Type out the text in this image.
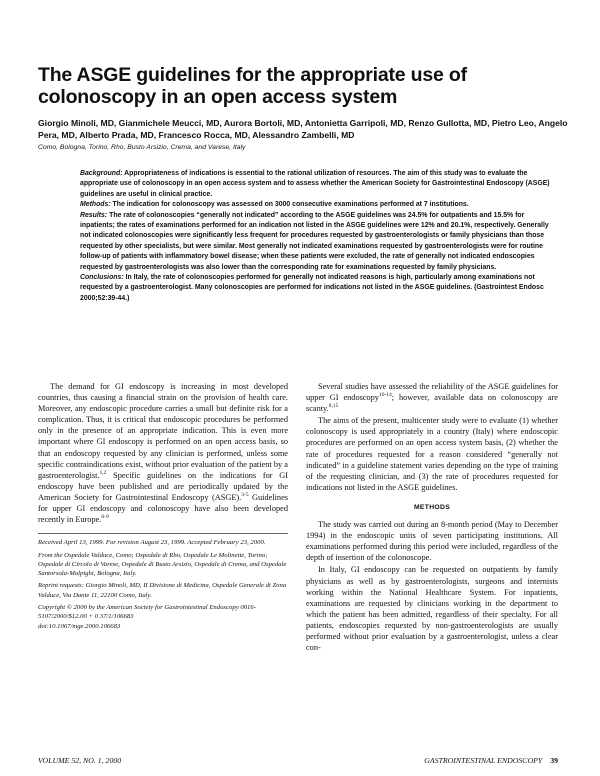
The ASGE guidelines for the appropriate use of colonoscopy in an open access system

Giorgio Minoli, MD, Gianmichele Meucci, MD, Aurora Bortoli, MD, Antonietta Garripoli, MD, Renzo Gullotta, MD, Pietro Leo, Angelo Pera, MD, Alberto Prada, MD, Francesco Rocca, MD, Alessandro Zambelli, MD

Como, Bologna, Torino, Rho, Busto Arsizio, Crema, and Varese, Italy

Background: Appropriateness of indications is essential to the rational utilization of resources. The aim of this study was to evaluate the appropriate use of colonoscopy in an open access system and to assess whether the American Society for Gastrointestinal Endoscopy (ASGE) guidelines are useful in clinical practice.

Methods: The indication for colonoscopy was assessed on 3000 consecutive examinations performed at 7 institutions.

Results: The rate of colonoscopies “generally not indicated” according to the ASGE guidelines was 24.5% for outpatients and 15.5% for inpatients; the rates of examinations performed for an indication not listed in the ASGE guidelines were 12% and 20.1%, respectively. Generally not indicated colonoscopies were significantly less frequent for procedures requested by gastroenterologists or family physicians than those requested by other specialists, but were similar. Most generally not indicated examinations requested by gastroenterologists were for routine follow-up of patients with inflammatory bowel disease; when these patients were excluded, the rate of generally not indicated endoscopies requested by gastroenterologists was also lower than the corresponding rate for examinations requested by family physicians.

Conclusions: In Italy, the rate of colonoscopies performed for generally not indicated reasons is high, particularly among examinations not requested by a gastroenterologist. Many colonoscopies are performed for indications not listed in the ASGE guidelines. (Gastrointest Endosc 2000;52:39-44.)

The demand for GI endoscopy is increasing in most developed countries, thus causing a financial strain on the provision of health care. Moreover, any endoscopic procedure carries a small but definite risk for a complication. Thus, it is critical that endoscopic procedures be performed only in the presence of an appropriate indication. This is even more important where GI endoscopy is performed on an open access basis, so that an endoscopy requested by any clinician is performed, unless some specific contraindications exist, without prior evaluation of the patient by a gastroenterologist.$^{1,2}$ Specific guidelines on the indications for GI endoscopy have been published and are periodically updated by the American Society for Gastrointestinal Endoscopy (ASGE).$^{3-5}$ Guidelines for upper GI endoscopy and colonoscopy have also been developed recently in Europe.$^{6-9}$

Received April 13, 1999. For revision August 23, 1999. Accepted February 23, 2000.

From the Ospedale Valduce, Como; Ospedale di Rho, Ospedale Le Molinette, Torino; Ospedale di Circolo di Varese, Ospedale di Busto Arsizio, Ospedale di Crema, and Ospedale Santorsola-Malpighi, Bologna, Italy.

Reprint requests: Giorgio Minoli, MD, II Divisione di Medicina, Ospedale Generale di Zona Valduce, Via Dante 11, 22100 Como, Italy.

Copyright © 2000 by the American Society for Gastrointestinal Endoscopy 0016-5107/2000/$12.00 + 0 37/1/106683
doi:10.1067/mge.2000.106683

Several studies have assessed the reliability of the ASGE guidelines for upper GI endoscopy$^{10-14}$; however, available data on colonoscopy are scanty.$^{8,15}$

The aims of the present, multicenter study were to evaluate (1) whether colonoscopy is used appropriately in a country (Italy) where endoscopic procedures are performed on an open access system basis, (2) whether the rate of procedures requested for a reason considered “generally not indicated” in a guideline statement varies depending on the type of training of the requesting clinician, and (3) the rate of procedures requested for indications not listed in the ASGE guidelines.

METHODS

The study was carried out during an 8-month period (May to December 1994) in the endoscopic units of seven participating institutions. All examinations performed during this period were included, regardless of the depth of insertion of the colonoscope.

In Italy, GI endoscopy can be requested on outpatients by family physicians as well as by gastroenterologists, surgeons and internists working within the National Healthcare System. For inpatients, examinations are requested by clinicians working in the department to which the patient has been admitted, regardless of their specialty. For all patients, endoscopies requested by non-gastroenterologists are usually performed without prior evaluation by a gastroenterologist, unless a clear con-

VOLUME 52, NO. 1, 2000	GASTROINTESTINAL ENDOSCOPY 39
